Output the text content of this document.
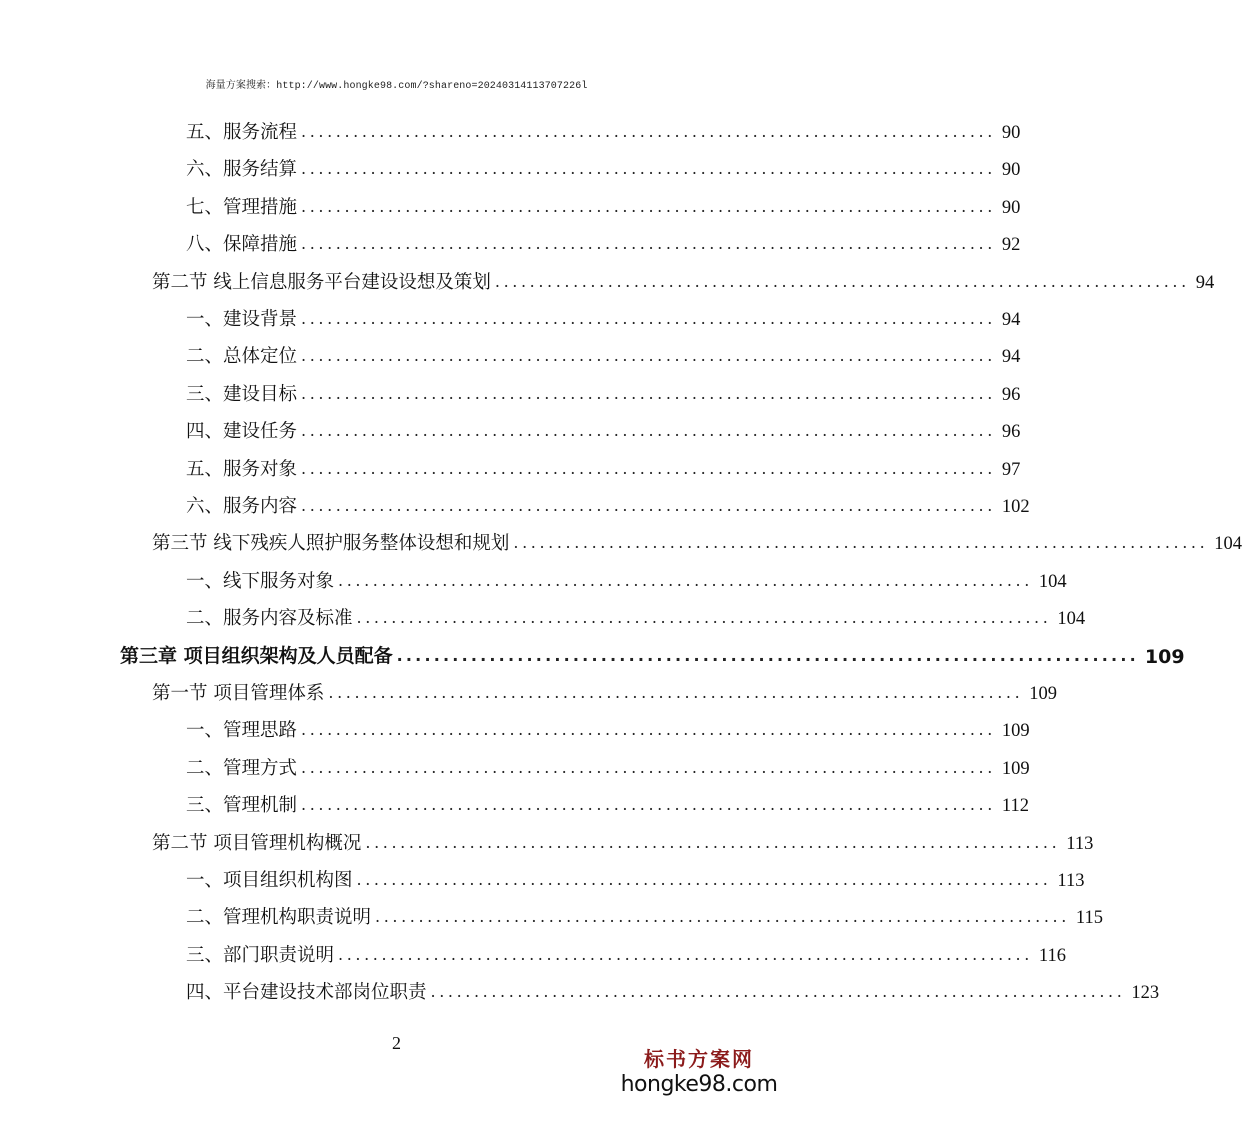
海量方案搜索：http://www.hongke98.com/?shareno=20240314113707226l
五、服务流程 ................................................................................ 90
六、服务结算 ................................................................................ 90
七、管理措施 ................................................................................ 90
八、保障措施 ................................................................................ 92
第二节 线上信息服务平台建设设想及策划 ................................................................................ 94
一、建设背景 ................................................................................ 94
二、总体定位 ................................................................................ 94
三、建设目标 ................................................................................ 96
四、建设任务 ................................................................................ 96
五、服务对象 ................................................................................ 97
六、服务内容 ................................................................................ 102
第三节 线下残疾人照护服务整体设想和规划 ................................................................................ 104
一、线下服务对象 ................................................................................ 104
二、服务内容及标准 ................................................................................ 104
第三章 项目组织架构及人员配备 ................................................................................ 109
第一节 项目管理体系 ................................................................................ 109
一、管理思路 ................................................................................ 109
二、管理方式 ................................................................................ 109
三、管理机制 ................................................................................ 112
第二节 项目管理机构概况 ................................................................................ 113
一、项目组织机构图 ................................................................................ 113
二、管理机构职责说明 ................................................................................ 115
三、部门职责说明 ................................................................................ 116
四、平台建设技术部岗位职责 ................................................................................ 123
2
标书方案网
hongke98.com
